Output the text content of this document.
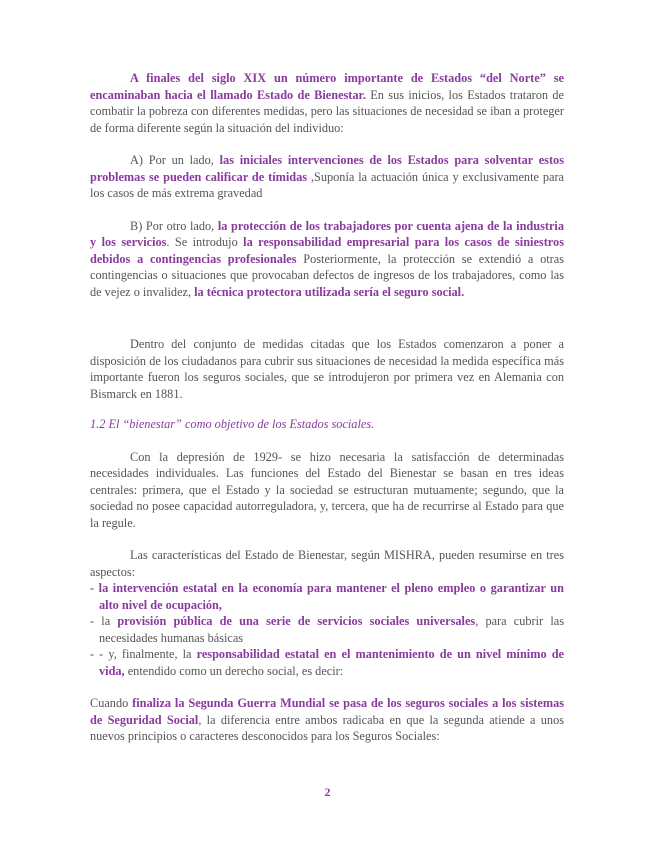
A finales del siglo XIX un número importante de Estados “del Norte” se encaminaban hacia el llamado Estado de Bienestar. En sus inicios, los Estados trataron de combatir la pobreza con diferentes medidas, pero las situaciones de necesidad se iban a proteger de forma diferente según la situación del individuo:

A) Por un lado, las iniciales intervenciones de los Estados para solventar estos problemas se pueden calificar de tímidas ,Suponía la actuación única y exclusivamente para los casos de más extrema gravedad

B) Por otro lado, la protección de los trabajadores por cuenta ajena de la industria y los servicios. Se introdujo la responsabilidad empresarial para los casos de siniestros debidos a contingencias profesionales Posteriormente, la protección se extendió a otras contingencias o situaciones que provocaban defectos de ingresos de los trabajadores, como las de vejez o invalidez, la técnica protectora utilizada sería el seguro social.

Dentro del conjunto de medidas citadas que los Estados comenzaron a poner a disposición de los ciudadanos para cubrir sus situaciones de necesidad la medida específica más importante fueron los seguros sociales, que se introdujeron por primera vez en Alemania con Bismarck en 1881.

1.2 El “bienestar” como objetivo de los Estados sociales.

Con la depresión de 1929- se hizo necesaria la satisfacción de determinadas necesidades individuales. Las funciones del Estado del Bienestar se basan en tres ideas centrales: primera, que el Estado y la sociedad se estructuran mutuamente; segundo, que la sociedad no posee capacidad autorreguladora, y, tercera, que ha de recurrirse al Estado para que la regule.

Las características del Estado de Bienestar, según MISHRA, pueden resumirse en tres aspectos:

- la intervención estatal en la economía para mantener el pleno empleo o garantizar un alto nivel de ocupación,

- la provisión pública de una serie de servicios sociales universales, para cubrir las necesidades humanas básicas

- - y, finalmente, la responsabilidad estatal en el mantenimiento de un nivel mínimo de vida, entendido como un derecho social, es decir:

Cuando finaliza la Segunda Guerra Mundial se pasa de los seguros sociales a los sistemas de Seguridad Social, la diferencia entre ambos radicaba en que la segunda atiende a unos nuevos principios o caracteres desconocidos para los Seguros Sociales:

2
